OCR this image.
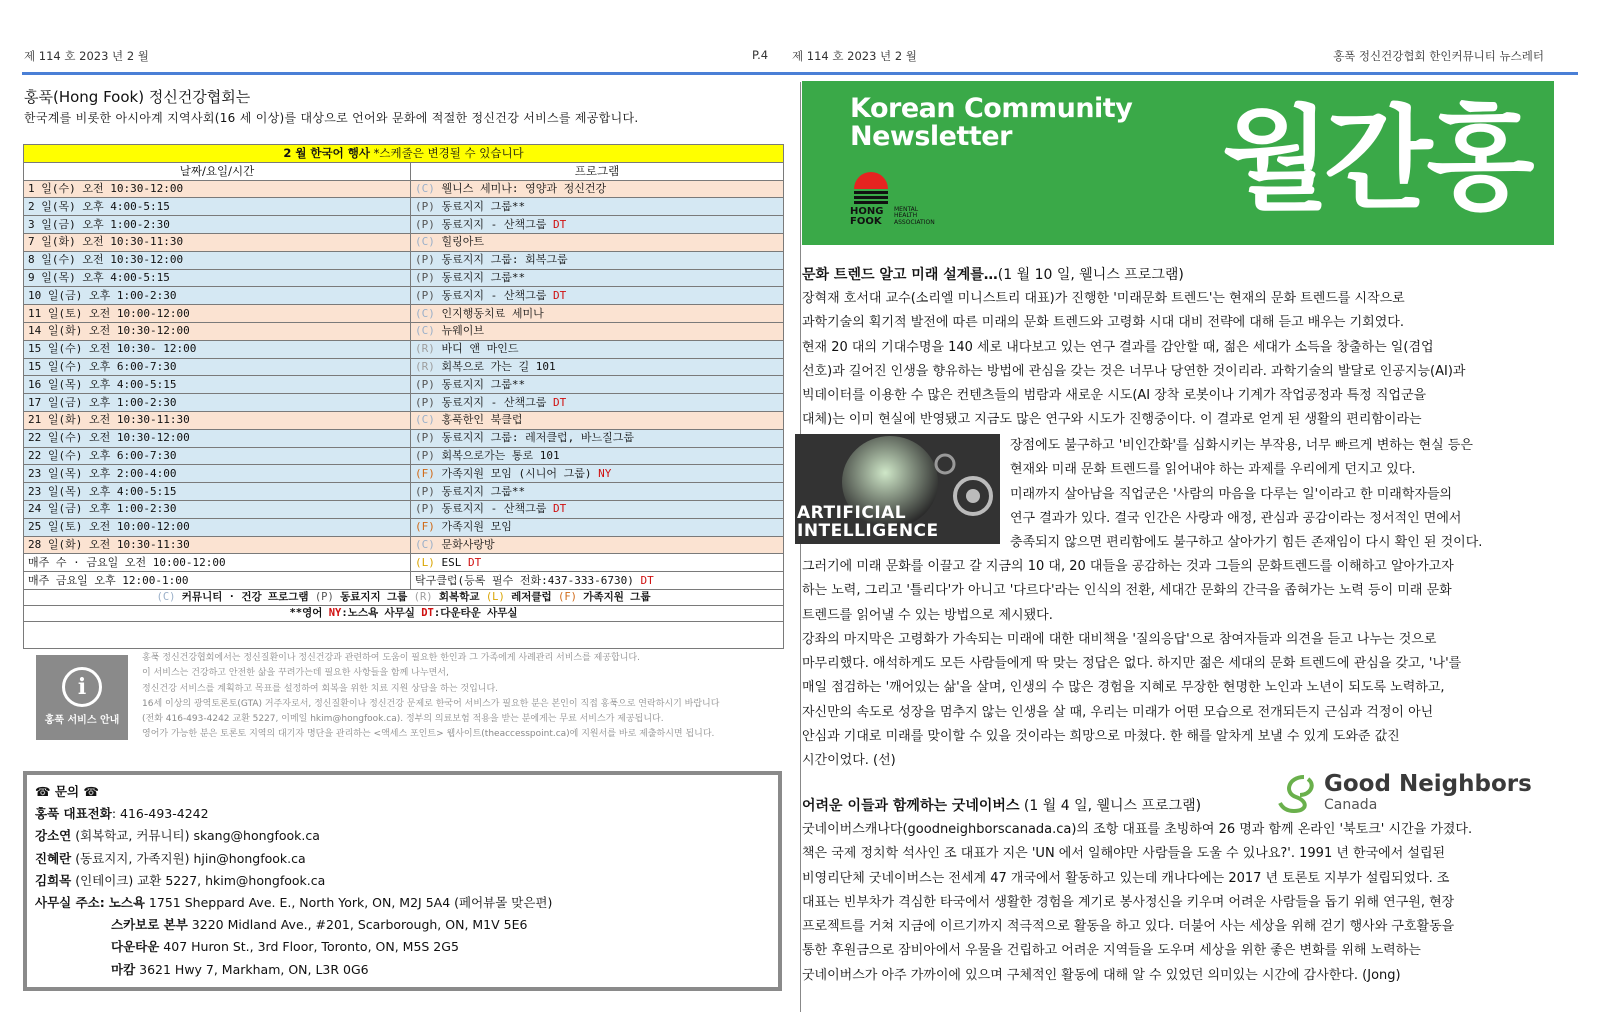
제 114 호 2023 년 2 월	P.4 제 114 호 2023 년 2 월	홍푹 정신건강협회 한인커뮤니티 뉴스레터
홍푹(Hong Fook) 정신건강협회는
한국계를 비롯한 아시아계 지역사회(16 세 이상)를 대상으로 언어와 문화에 적절한 정신건강 서비스를 제공합니다.
2 월 한국어 행사 *스케줄은 변경될 수 있습니다	
날짜/요일/시간	프로그램
1 일(수) 오전 10:30-12:00	(C) 웰니스 세미나: 영양과 정신건강
2 일(목) 오후 4:00-5:15	(P) 동료지지 그룹**
3 일(금) 오후 1:00-2:30	(P) 동료지지 - 산책그룹 DT
7 일(화) 오전 10:30-11:30	(C) 힐링아트
8 일(수) 오전 10:30-12:00	(P) 동료지지 그룹: 회복그룹
9 일(목) 오후 4:00-5:15	(P) 동료지지 그룹**
10 일(금) 오후 1:00-2:30	(P) 동료지지 - 산책그룹 DT
11 일(토) 오전 10:00-12:00	(C) 인지행동치료 세미나
14 일(화) 오전 10:30-12:00	(C) 뉴웨이브
15 일(수) 오전 10:30- 12:00	(R) 바디 앤 마인드
15 일(수) 오후 6:00-7:30	(R) 회복으로 가는 길 101
16 일(목) 오후 4:00-5:15	(P) 동료지지 그룹**
17 일(금) 오후 1:00-2:30	(P) 동료지지 - 산책그룹 DT
21 일(화) 오전 10:30-11:30	(C) 홍푹한인 북클럽
22 일(수) 오전 10:30-12:00	(P) 동료지지 그룹: 레저클럽, 바느질그룹
22 일(수) 오후 6:00-7:30	(P) 회복으로가는 통로 101
23 일(목) 오후 2:00-4:00	(F) 가족지원 모임 (시니어 그룹) NY
23 일(목) 오후 4:00-5:15	(P) 동료지지 그룹**
24 일(금) 오후 1:00-2:30	(P) 동료지지 - 산책그룹 DT
25 일(토) 오전 10:00-12:00	(F) 가족지원 모임
28 일(화) 오전 10:30-11:30	(C) 문화사랑방
매주 수 · 금요일 오전 10:00-12:00	(L) ESL DT
매주 금요일 오후 12:00-1:00	탁구클럽(등록 필수 전화:437-333-6730) DT
(C) 커뮤니티 · 건강 프로그램 (P) 동료지지 그룹 (R) 회복학교 (L) 레저클럽 (F) 가족지원 그룹	
**영어 NY:노스욕 사무실 DT:다운타운 사무실	

i
홍푹 서비스 안내
홍푹 정신건강협회에서는 정신질환이나 정신건강과 관련하여 도움이 필요한 한인과 그 가족에게 사례관리 서비스를 제공합니다.
이 서비스는 건강하고 안전한 삶을 꾸려가는데 필요한 사항들을 함께 나누면서,
정신건강 서비스를 계획하고 목표를 설정하여 회복을 위한 치료 지원 상담을 하는 것입니다.
16세 이상의 광역토론토(GTA) 거주자로서, 정신질환이나 정신건강 문제로 한국어 서비스가 필요한 분은 본인이 직접 홍푹으로 연락하시기 바랍니다
(전화 416-493-4242 교환 5227, 이메일 hkim@hongfook.ca). 정부의 의료보험 적용을 받는 분에게는 무료 서비스가 제공됩니다.
영어가 가능한 분은 토론토 지역의 대기자 명단을 관리하는 <액세스 포인트> 웹사이트(theaccesspoint.ca)에 지원서를 바로 제출하시면 됩니다.
☎ 문의 ☎
홍푹 대표전화: 416-493-4242
강소연 (회복학교, 커뮤니티) skang@hongfook.ca
진혜란 (동료지지, 가족지원) hjin@hongfook.ca
김희목 (인테이크) 교환 5227, hkim@hongfook.ca
사무실 주소: 노스욕 1751 Sheppard Ave. E., North York, ON, M2J 5A4 (페어뷰몰 맞은편)
스카보로 본부 3220 Midland Ave., #201, Scarborough, ON, M1V 5E6
다운타운 407 Huron St., 3rd Floor, Toronto, ON, M5S 2G5
마캄 3621 Hwy 7, Markham, ON, L3R 0G6
Korean Community
Newsletter
HONG
FOOK
MENTAL HEALTH ASSOCIATION	월간홍푹
문화 트렌드 알고 미래 설계를…(1 월 10 일, 웰니스 프로그램)

장혁재 호서대 교수(소리엘 미니스트리 대표)가 진행한 '미래문화 트렌드'는 현재의 문화 트렌드를 시작으로

과학기술의 획기적 발전에 따른 미래의 문화 트렌드와 고령화 시대 대비 전략에 대해 듣고 배우는 기회였다.

현재 20 대의 기대수명을 140 세로 내다보고 있는 연구 결과를 감안할 때, 젊은 세대가 소득을 창출하는 일(겸업

선호)과 길어진 인생을 향유하는 방법에 관심을 갖는 것은 너무나 당연한 것이리라. 과학기술의 발달로 인공지능(AI)과

빅데이터를 이용한 수 많은 컨텐츠들의 범람과 새로운 시도(AI 장착 로봇이나 기계가 작업공정과 특정 직업군을

대체)는 이미 현실에 반영됐고 지금도 많은 연구와 시도가 진행중이다. 이 결과로 얻게 된 생활의 편리함이라는

장점에도 불구하고 '비인간화'를 심화시키는 부작용, 너무 빠르게 변하는 현실 등은

현재와 미래 문화 트렌드를 읽어내야 하는 과제를 우리에게 던지고 있다.

미래까지 살아남을 직업군은 '사람의 마음을 다루는 일'이라고 한 미래학자들의

연구 결과가 있다. 결국 인간은 사랑과 애정, 관심과 공감이라는 정서적인 면에서

충족되지 않으면 편리함에도 불구하고 살아가기 힘든 존재임이 다시 확인 된 것이다.

그러기에 미래 문화를 이끌고 갈 지금의 10 대, 20 대들을 공감하는 것과 그들의 문화트렌드를 이해하고 알아가고자

하는 노력, 그리고 '틀리다'가 아니고 '다르다'라는 인식의 전환, 세대간 문화의 간극을 좁혀가는 노력 등이 미래 문화

트렌드를 읽어낼 수 있는 방법으로 제시됐다.

강좌의 마지막은 고령화가 가속되는 미래에 대한 대비책을 '질의응답'으로 참여자들과 의견을 듣고 나누는 것으로

마무리했다. 애석하게도 모든 사람들에게 딱 맞는 정답은 없다. 하지만 젊은 세대의 문화 트렌드에 관심을 갖고, '나'를

매일 점검하는 '깨어있는 삶'을 살며, 인생의 수 많은 경험을 지혜로 무장한 현명한 노인과 노년이 되도록 노력하고,

자신만의 속도로 성장을 멈추지 않는 인생을 살 때, 우리는 미래가 어떤 모습으로 전개되든지 근심과 걱정이 아닌

안심과 기대로 미래를 맞이할 수 있을 것이라는 희망으로 마쳤다. 한 해를 알차게 보낼 수 있게 도와준 값진

시간이었다. (선)

ARTIFICIAL
INTELLIGENCE
Good Neighbors
Canada
어려운 이들과 함께하는 굿네이버스 (1 월 4 일, 웰니스 프로그램)

굿네이버스캐나다(goodneighborscanada.ca)의 조항 대표를 초빙하여 26 명과 함께 온라인 '북토크' 시간을 가졌다.

책은 국제 정치학 석사인 조 대표가 지은 'UN 에서 일해야만 사람들을 도울 수 있나요?'. 1991 년 한국에서 설립된

비영리단체 굿네이버스는 전세계 47 개국에서 활동하고 있는데 캐나다에는 2017 년 토론토 지부가 설립되었다. 조

대표는 빈부차가 격심한 타국에서 생활한 경험을 계기로 봉사정신을 키우며 어려운 사람들을 돕기 위해 연구원, 현장

프로젝트를 거쳐 지금에 이르기까지 적극적으로 활동을 하고 있다. 더불어 사는 세상을 위해 걷기 행사와 구호활동을

통한 후원금으로 잠비아에서 우물을 건립하고 어려운 지역들을 도우며 세상을 위한 좋은 변화를 위해 노력하는

굿네이버스가 아주 가까이에 있으며 구체적인 활동에 대해 알 수 있었던 의미있는 시간에 감사한다. (Jong)
